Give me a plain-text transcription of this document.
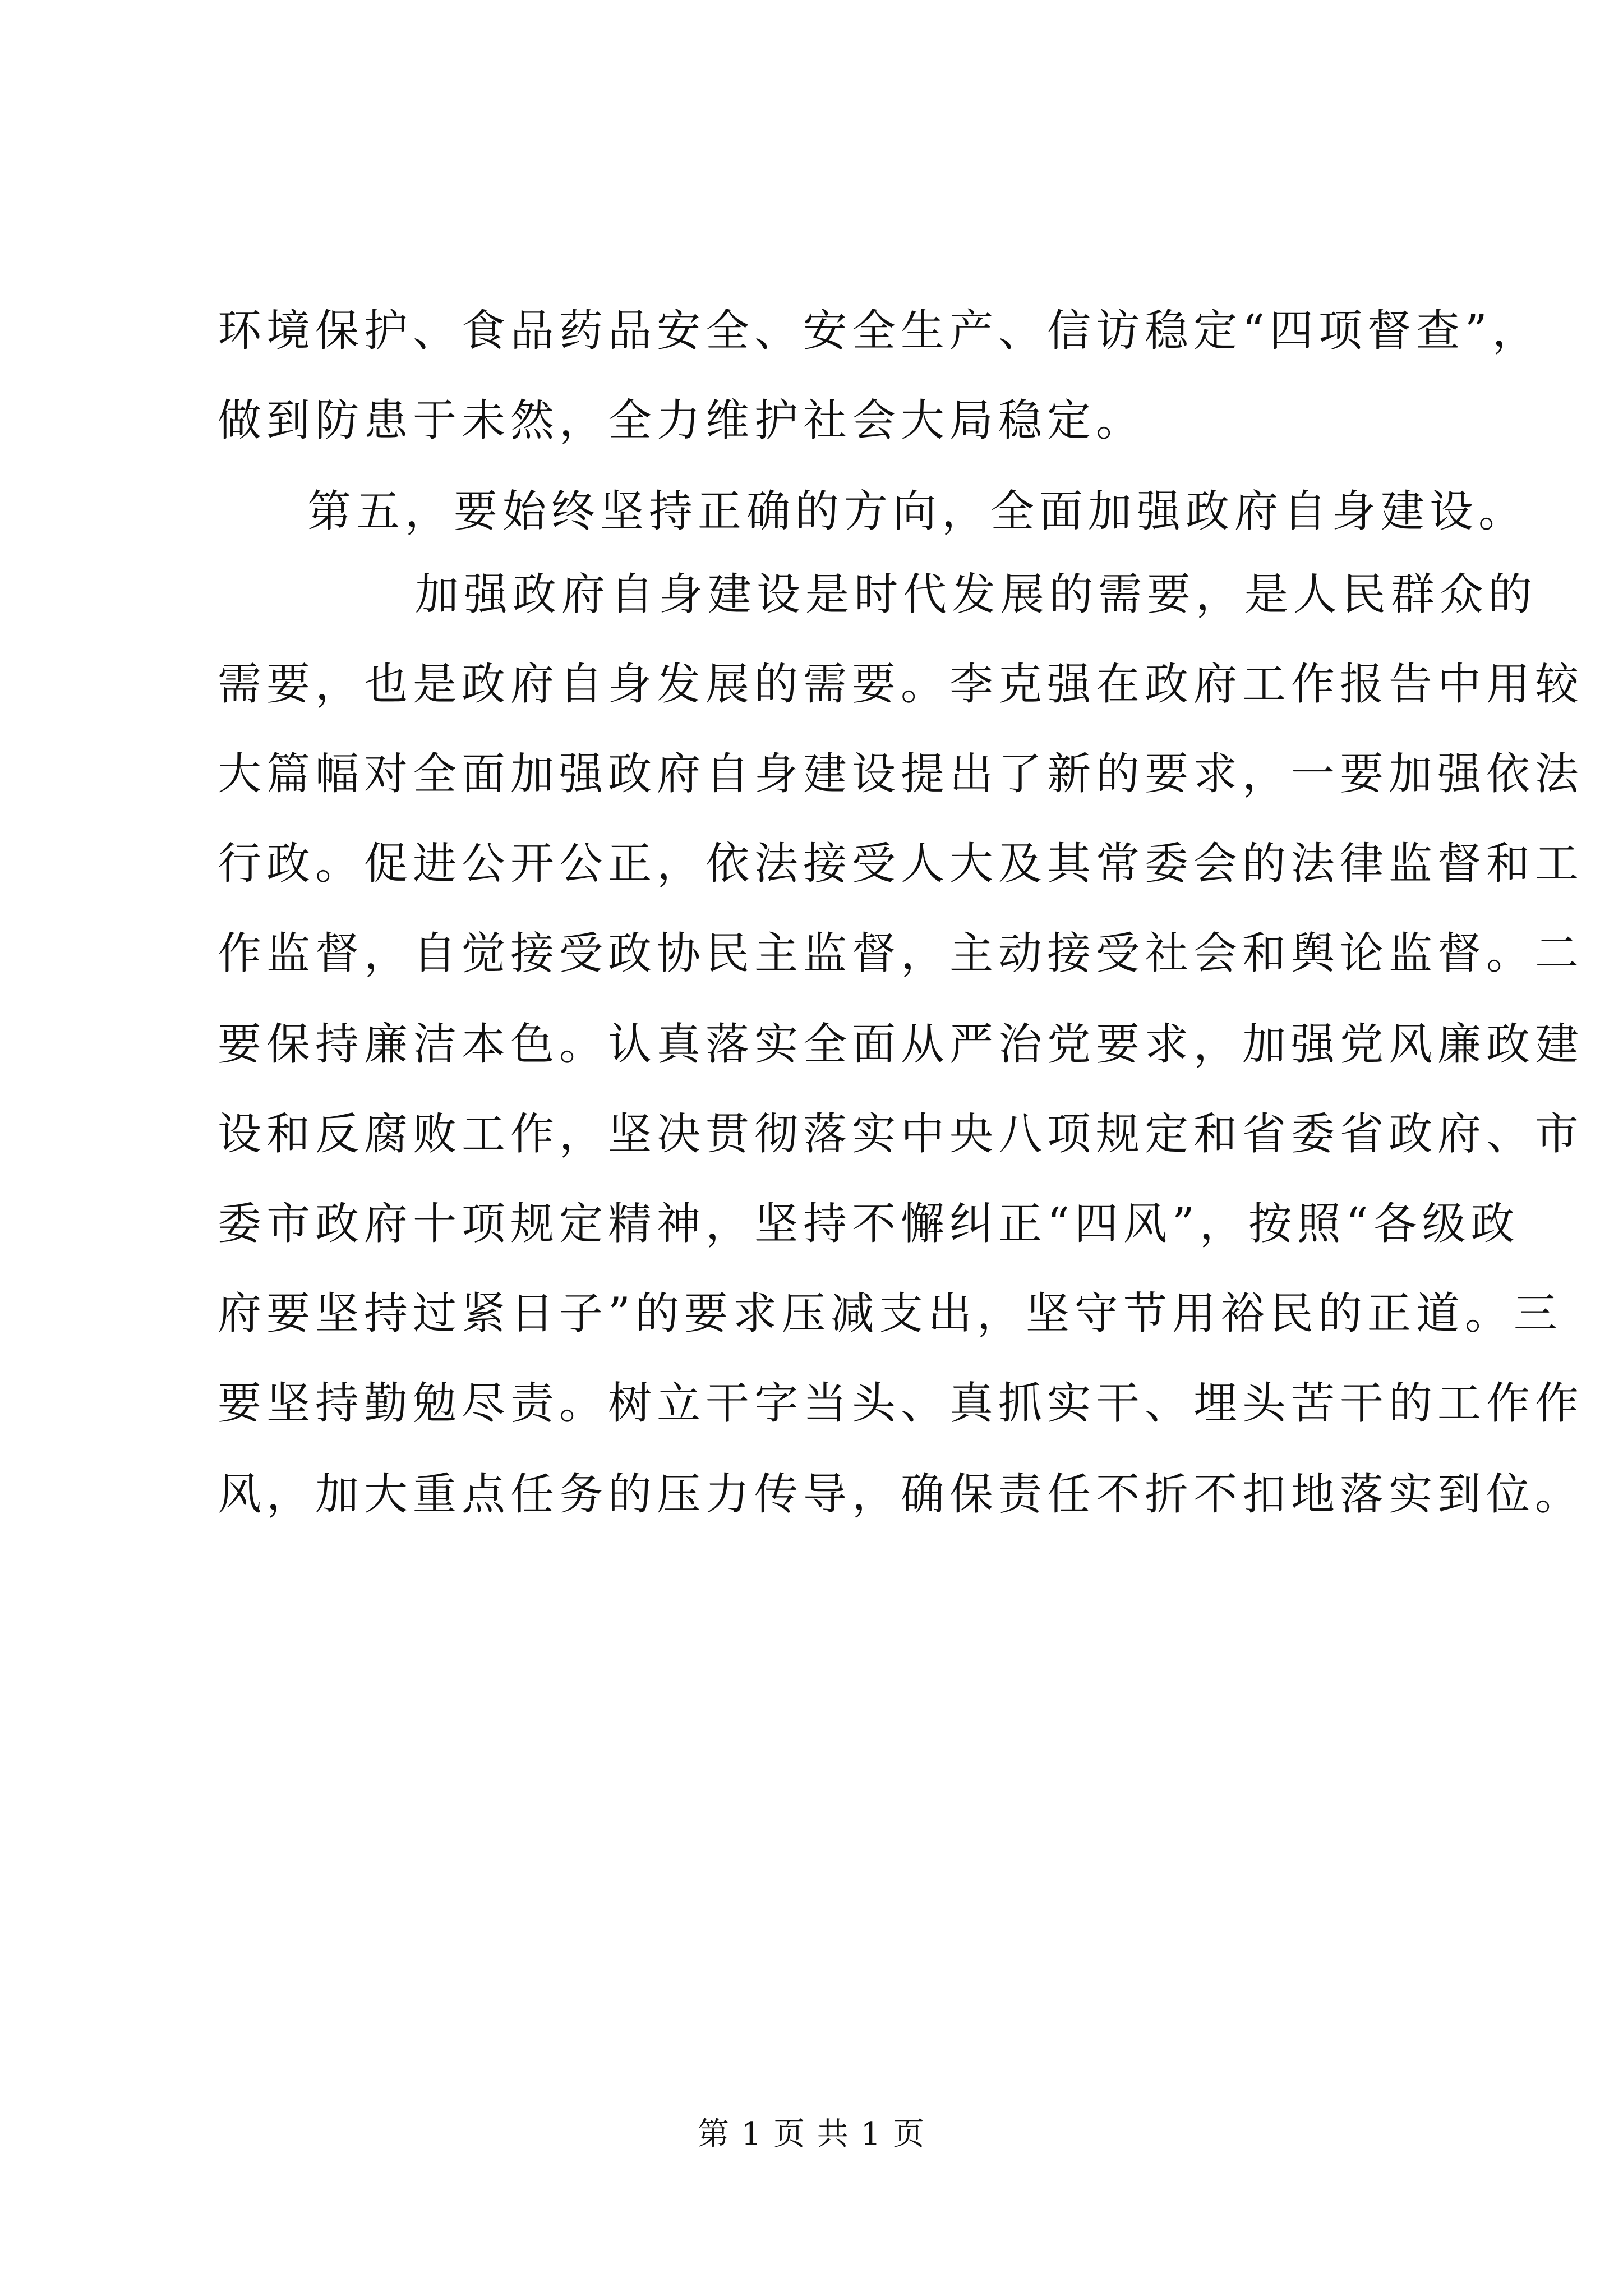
环境保护、食品药品安全、安全生产、信访稳定“四项督查”，
做到防患于未然，全力维护社会大局稳定。
第五，要始终坚持正确的方向，全面加强政府自身建设。
加强政府自身建设是时代发展的需要，是人民群众的
需要，也是政府自身发展的需要。李克强在政府工作报告中用较
大篇幅对全面加强政府自身建设提出了新的要求，一要加强依法
行政。促进公开公正，依法接受人大及其常委会的法律监督和工
作监督，自觉接受政协民主监督，主动接受社会和舆论监督。二
要保持廉洁本色。认真落实全面从严治党要求，加强党风廉政建
设和反腐败工作，坚决贯彻落实中央八项规定和省委省政府、市
委市政府十项规定精神，坚持不懈纠正“四风”，按照“各级政
府要坚持过紧日子”的要求压减支出，坚守节用裕民的正道。三
要坚持勤勉尽责。树立干字当头、真抓实干、埋头苦干的工作作
风，加大重点任务的压力传导，确保责任不折不扣地落实到位。
第 1 页 共 1 页
